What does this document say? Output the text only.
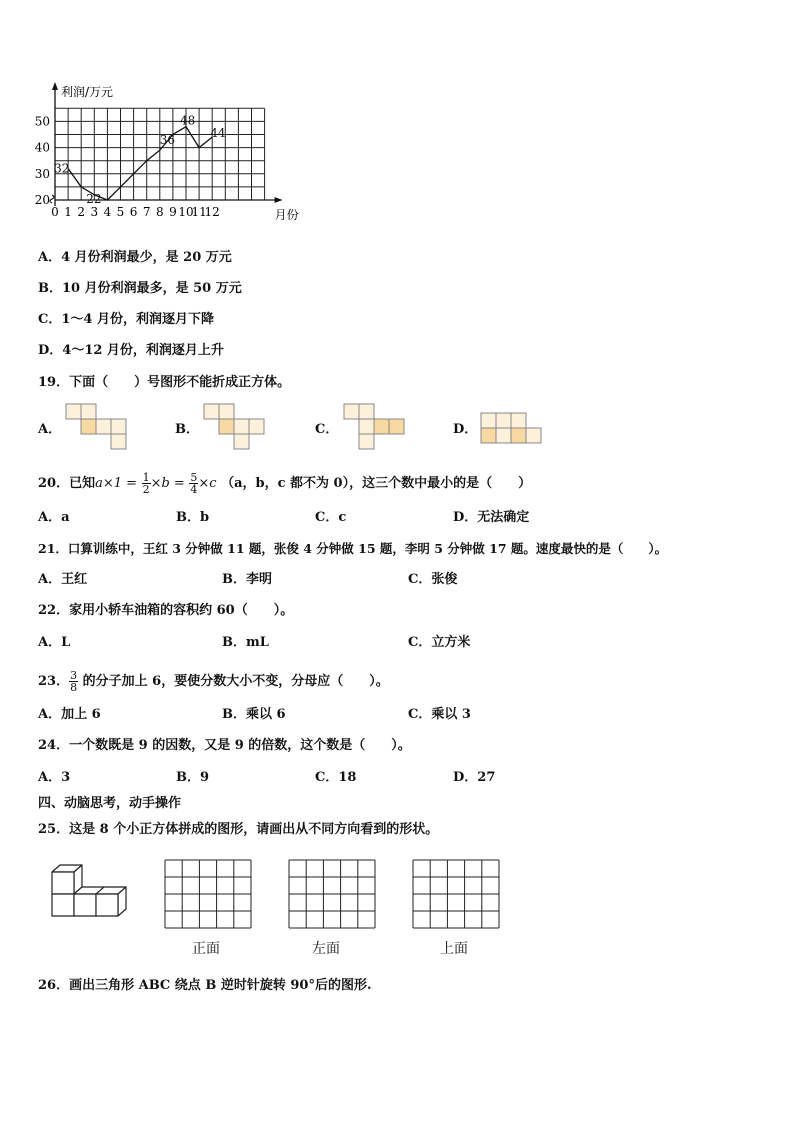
20
30
40
50
0 1 2 3 4 5 6 7 8 9 10
11
12
利润/万元
月份
32
22
36
48
44
A．4 月份利润最少，是 20 万元
B．10 月份利润最多，是 50 万元
C．1～4 月份，利润逐月下降
D．4～12 月份，利润逐月上升
19．下面（　　）号图形不能折成正方体。
A．	B．	C．	D．
20．已知$a\times 1 = \frac{1}{2} \times b = \frac{5}{4} \times c$ （a，b，c 都不为 0），这三个数中最小的是（　　）
A．a	B．b	C．c	D．无法确定
21．口算训练中，王红 3 分钟做 11 题，张俊 4 分钟做 15 题，李明 5 分钟做 17 题。速度最快的是（　　）。
A．王红	B．李明	C．张俊
22．家用小轿车油箱的容积约 60（　　）。
A．L	B．mL	C．立方米
23． $\frac{3}{8}$ 的分子加上 6，要使分数大小不变，分母应（　　）。
A．加上 6	B．乘以 6	C．乘以 3
24．一个数既是 9 的因数，又是 9 的倍数，这个数是（　　）。
A．3	B．9	C．18	D．27
四、动脑思考，动手操作
25．这是 8 个小正方体拼成的图形，请画出从不同方向看到的形状。
正面	左面	上面
26．画出三角形 ABC 绕点 B 逆时针旋转 90°后的图形.
